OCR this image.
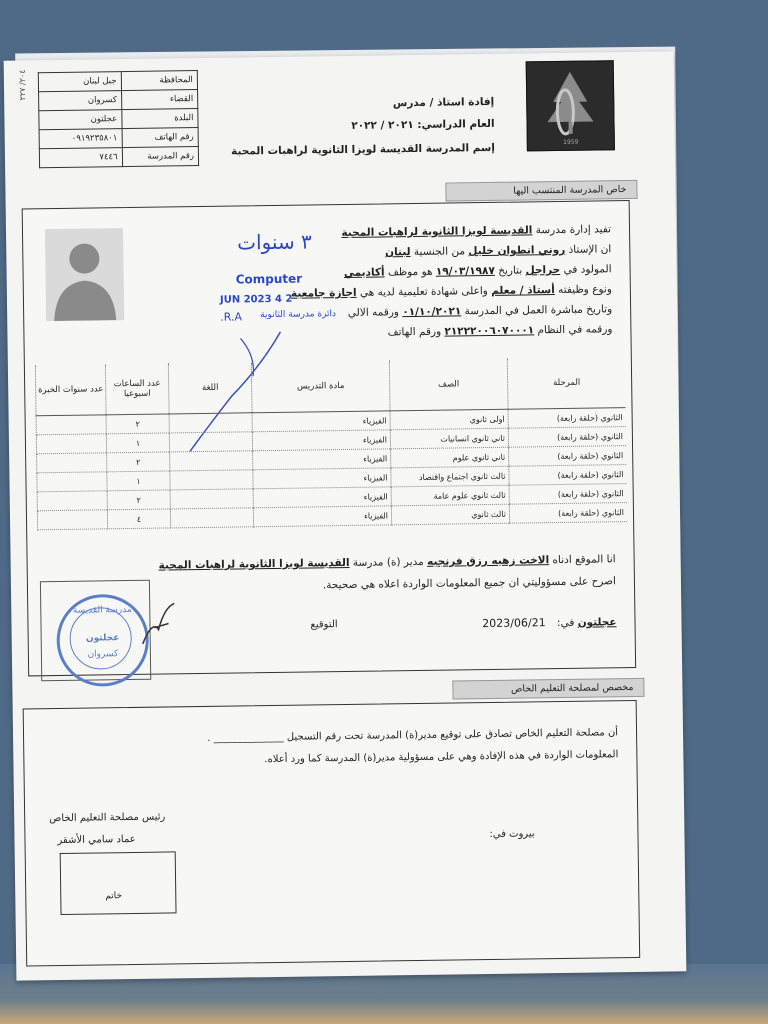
المحافظة	جبل لبنان
القضاء	كسروان
البلدة	عجلتون
رقم الهاتف	٠٩١٩٢٣٥٨٠١
رقم المدرسة	٧٤٤٦
٢٠٤/ ٢٢٧
1959
إفادة استاذ / مدرس
العام الدراسي: ٢٠٢١ / ٢٠٢٢
إسم المدرسة القديسة لويزا الثانوية لراهبات المحبة
خاص المدرسة المنتسب اليها
تفيد إدارة مدرسة القديسة لويزا الثانوية لراهبات المحبة
ان الإستاذ روني انطوان خليل من الجنسية لبنان
المولود في حراجل بتاريخ ١٩/٠٣/١٩٨٧ هو موظف أكاديمي
ونوع وظيفته أستاذ / معلم واعلى شهادة تعليمية لديه هي اجازة جامعية
وتاريخ مباشرة العمل في المدرسة ٠١/١٠/٢٠٢١ ورقمه الالي
ورقمه في النظام ٢١٢٢٢٠٠٦٠٧٠٠٠١ ورقم الهاتف
٣ سنوات
Computer
2 4 JUN 2023
R.A. دائرة مدرسة الثانوية
المرحلة	الصف	مادة التدريس	اللغة	عدد الساعات اسبوعيا	عدد سنوات الخبرة
الثانوي (حلقة رابعة)	اولى ثانوي	الفيزياء		٢	
الثانوي (حلقة رابعة)	ثاني ثانوي انسانيات	الفيزياء		١	
الثانوي (حلقة رابعة)	ثاني ثانوي علوم	الفيزياء		٢	
الثانوي (حلقة رابعة)	ثالث ثانوي اجتماع واقتصاد	الفيزياء		١	
الثانوي (حلقة رابعة)	ثالث ثانوي علوم عامة	الفيزياء		٢	
الثانوي (حلقة رابعة)	ثالث ثانوي	الفيزياء		٤	
انا الموقع ادناه الاخت زهيه رزق فرنجيه مدير (ة) مدرسة القديسة لويزا الثانوية لراهبات المحبة
اصرح على مسؤوليتي ان جميع المعلومات الواردة اعلاه هي صحيحة.
عجلتون في: 2023/06/21
التوقيع
مدرسة القديسة
عجلتون
كسروان
مخصص لمصلحة التعليم الخاص
أن مصلحة التعليم الخاص تصادق على توقيع مدير(ة) المدرسة تحت رقم التسجيل ______________ .
المعلومات الواردة في هذه الإفادة وهي على مسؤولية مدير(ة) المدرسة كما ورد أعلاه.
رئيس مصلحة التعليم الخاص
عماد سامي الأشقر	بيروت في:
خاتم
